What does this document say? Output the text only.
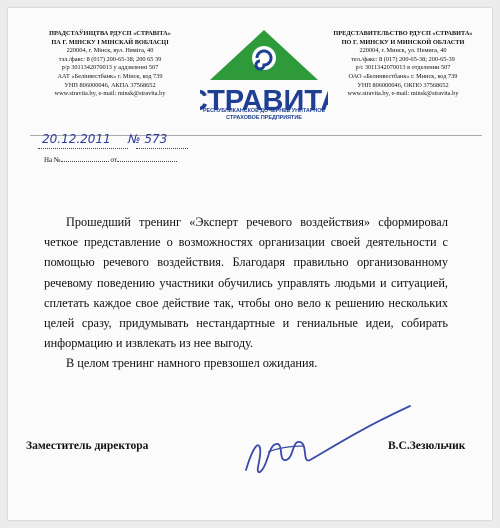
ПРАДСТАЎНІЦТВА РДУСП «СТРАВІТА»
ПА Г. МІНСКУ І МІНСКАЙ ВОБЛАСЦІ
220004, г. Мінск, вул. Няміга, 40
тэл./факс: 8 (017) 200-65-38; 200 65 39
р/р 3011342070013 у аддзяленні 507
ААТ «Белінвестбанк» г. Мінск, код 739
УНП 806000046, АКПА 37568652
www.stravita.by, e-mail: minsk@stravita.by	ТРАВИТ
РЕСПУБЛИКАНСКОЕ ДОЧЕРНЕЕ УНИТАРНОЕ СТРАХОВОЕ ПРЕДПРИЯТИЕ
ПРЕДСТАВИТЕЛЬСТВО РДУСП «СТРАВИТА»
ПО Г. МИНСКУ И МИНСКОЙ ОБЛАСТИ
220004, г. Минск, ул. Немига, 40
тел./факс: 8 (017) 200-65-38; 200-65-39
р/с 3011342070013 в отделении 507
ОАО «Белинвестбанк» г. Минск, код 739
УНП 806000046, ОКПО 37568652
www.stravita.by, e-mail: minsk@stravita.by
20.12.2011 № 573
На №	от

Прошедший тренинг «Эксперт речевого воздействия» сформировал четкое представление о возможностях организации своей деятельности с помощью речевого воздействия. Благодаря правильно организованному речевому поведению участники обучились управлять людьми и ситуацией, сплетать каждое свое действие так, чтобы оно вело к решению нескольких целей сразу, придумывать нестандартные и гениальные идеи, собирать информацию и извлекать из нее выгоду.

В целом тренинг намного превзошел ожидания.

Заместитель директора	В.С.Зезюльчик
